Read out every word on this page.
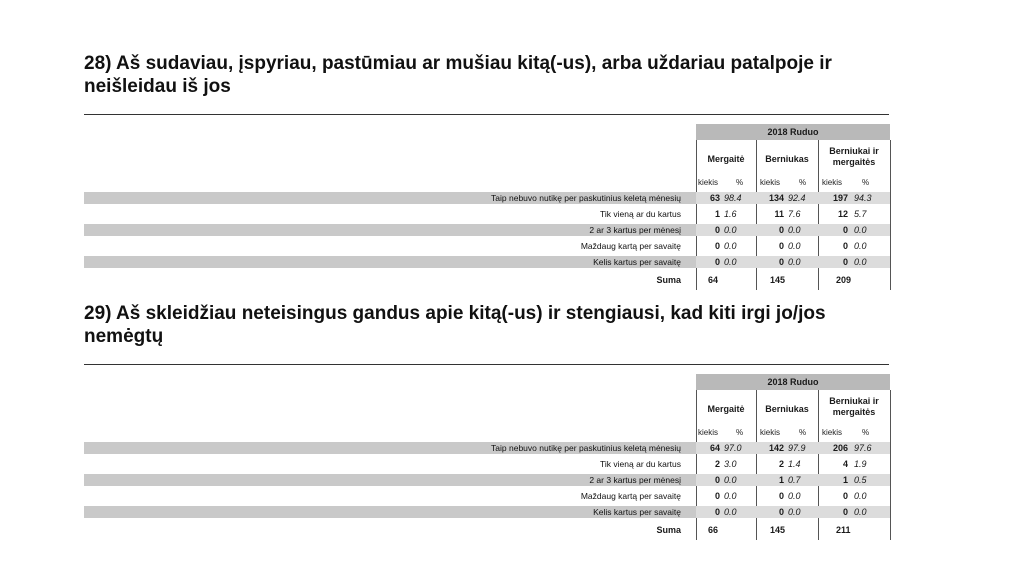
28) Aš sudaviau, įspyriau, pastūmiau ar mušiau kitą(-us), arba uždariau patalpoje ir neišleidau iš jos
2018 Ruduo
Mergaitė	Berniukas
Berniukai ir mergaitės
kiekis % kiekis % kiekis %
Taip nebuvo nutikę per paskutinius keletą mėnesių	63 98.4	134 92.4	197 94.3
Tik vieną ar du kartus	1 1.6	11 7.6	12 5.7
2 ar 3 kartus per mėnesį	0 0.0	0 0.0	0 0.0
Maždaug kartą per savaitę	0 0.0	0 0.0	0 0.0
Kelis kartus per savaitę	0 0.0	0 0.0	0 0.0
Suma	64	145	209
29) Aš skleidžiau neteisingus gandus apie kitą(-us) ir stengiausi, kad kiti irgi jo/jos nemėgtų
2018 Ruduo
Mergaitė	Berniukas
Berniukai ir mergaitės
kiekis % kiekis % kiekis %
Taip nebuvo nutikę per paskutinius keletą mėnesių	64 97.0	142 97.9	206 97.6
Tik vieną ar du kartus	2 3.0	2 1.4	4 1.9
2 ar 3 kartus per mėnesį	0 0.0	1 0.7	1 0.5
Maždaug kartą per savaitę	0 0.0	0 0.0	0 0.0
Kelis kartus per savaitę	0 0.0	0 0.0	0 0.0
Suma	66	145	211
